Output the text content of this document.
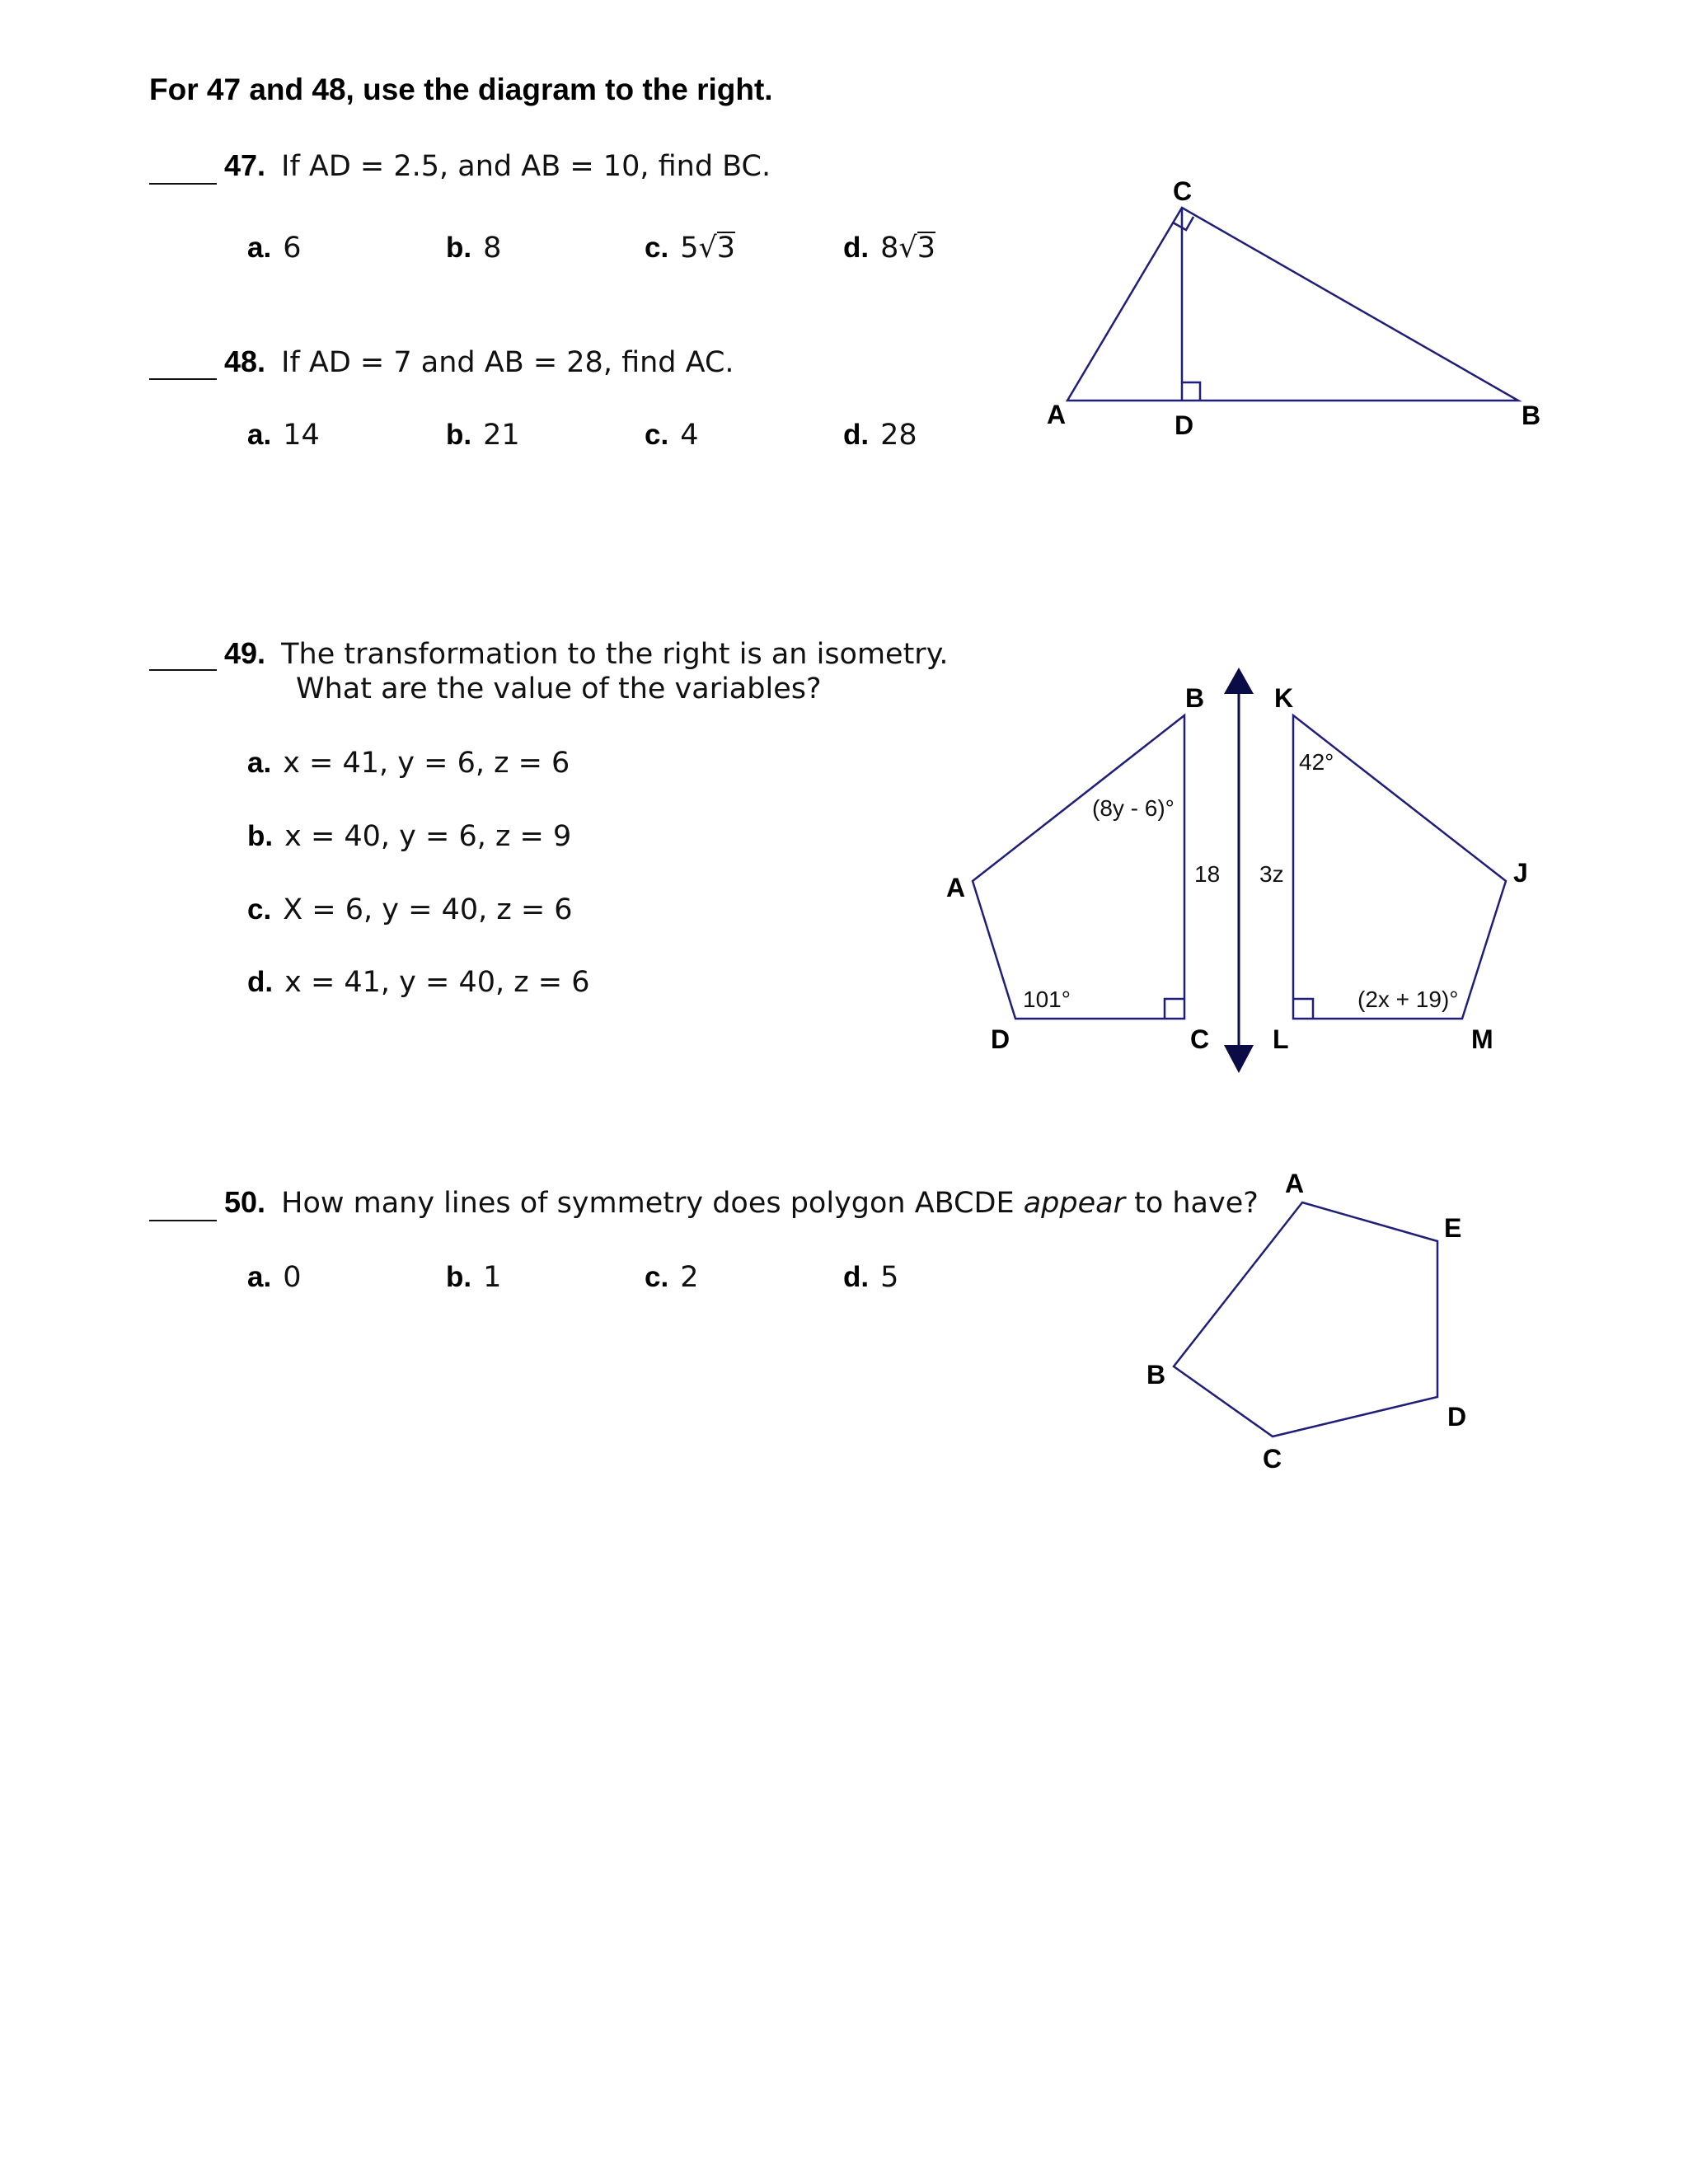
For 47 and 48, use the diagram to the right.
47. If AD = 2.5, and AB = 10, find BC.
a. 6	b. 8	c. 5√3	d. 8√3
48. If AD = 7 and AB = 28, find AC.
a. 14	b. 21	c. 4	d. 28
49. The transformation to the right is an isometry.
What are the value of the variables?
a. x = 41, y = 6, z = 6
b. x = 40, y = 6, z = 9
c. X = 6, y = 40, z = 6
d. x = 41, y = 40, z = 6
50. How many lines of symmetry does polygon ABCDE appear to have?
a. 0	b. 1	c. 2	d. 5
C
A	D	B
B
A
D	C
K
J
L	M
(8y - 6)°
101°
18
42°
3z
(2x + 19)°
A
E
D
C
B
